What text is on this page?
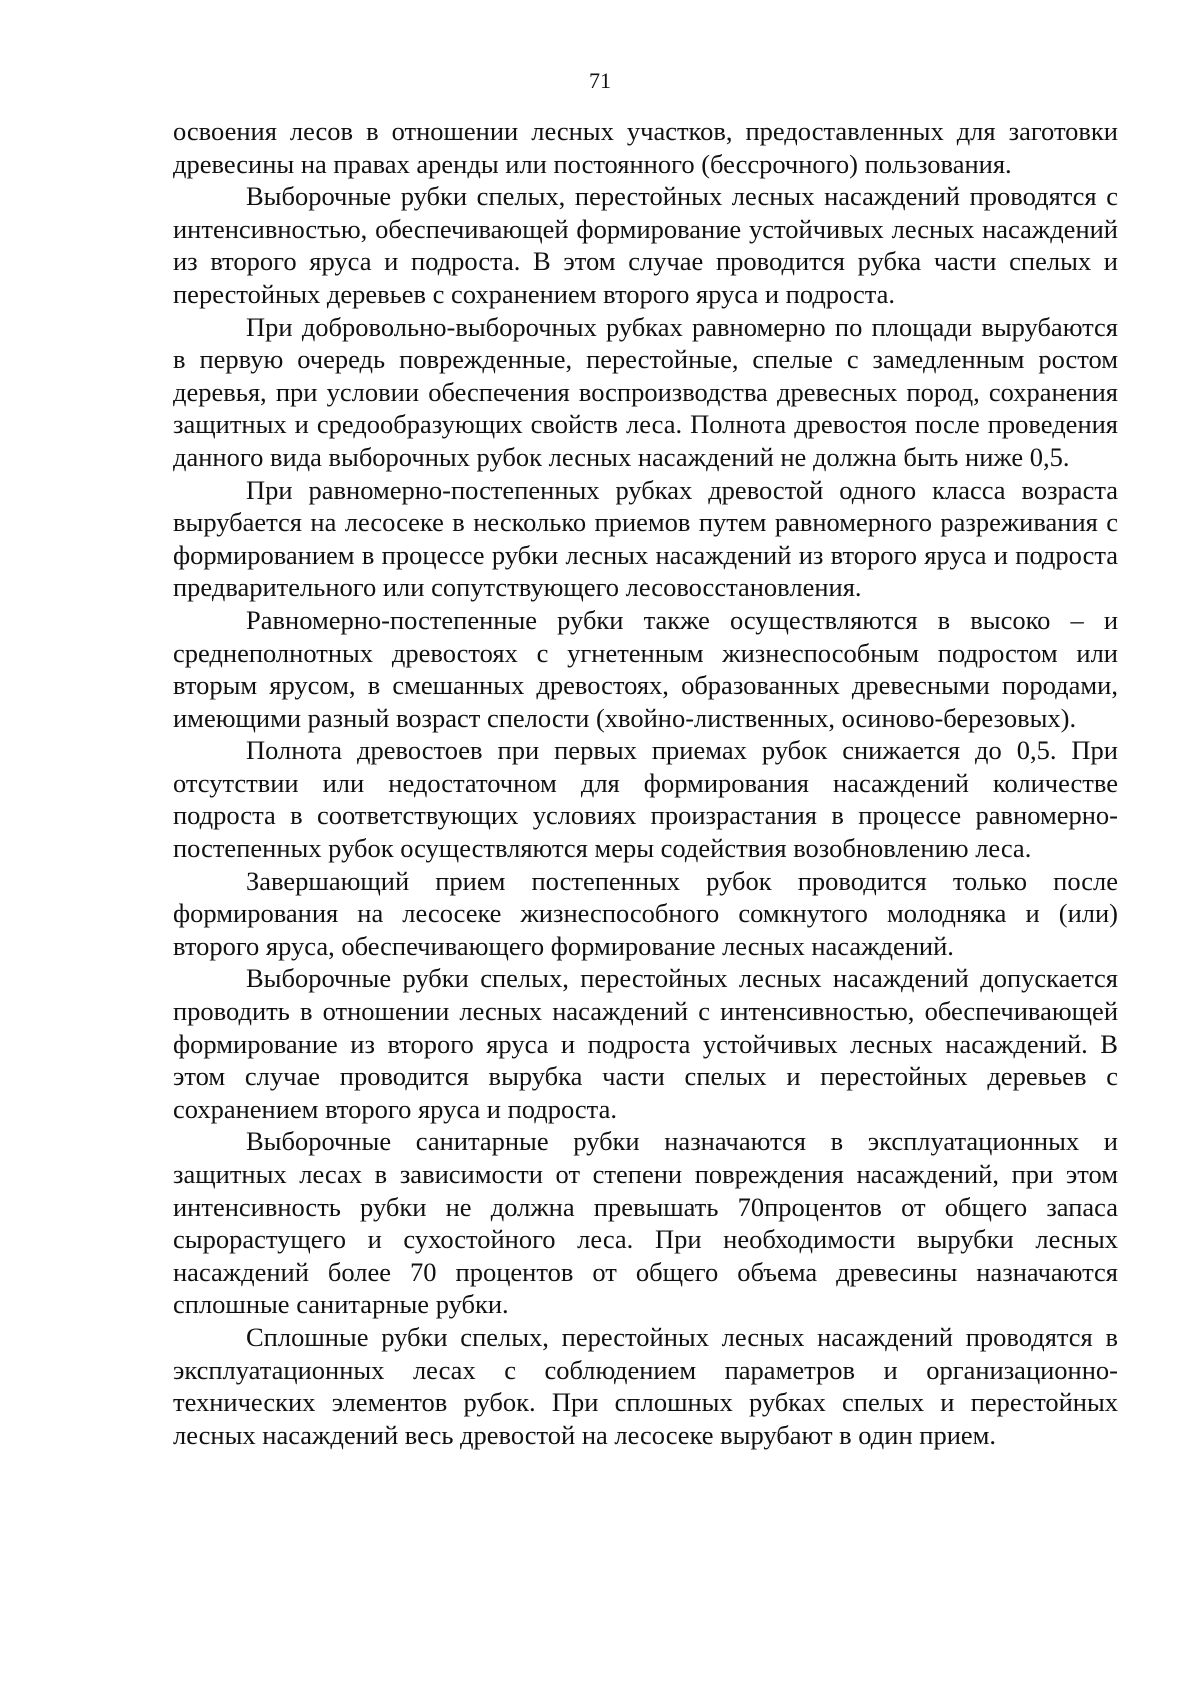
71

освоения лесов в отношении лесных участков, предоставленных для заготовки древесины на правах аренды или постоянного (бессрочного) пользования.

Выборочные рубки спелых, перестойных лесных насаждений проводятся с интенсивностью, обеспечивающей формирование устойчивых лесных насаждений из второго яруса и подроста. В этом случае проводится рубка части спелых и перестойных деревьев с сохранением второго яруса и подроста.

При добровольно-выборочных рубках равномерно по площади вырубаются в первую очередь поврежденные, перестойные, спелые с замедленным ростом деревья, при условии обеспечения воспроизводства древесных пород, сохранения защитных и средообразующих свойств леса. Полнота древостоя после проведения данного вида выборочных рубок лесных насаждений не должна быть ниже 0,5.

При равномерно-постепенных рубках древостой одного класса возраста вырубается на лесосеке в несколько приемов путем равномерного разреживания с формированием в процессе рубки лесных насаждений из второго яруса и подроста предварительного или сопутствующего лесовосстановления.

Равномерно-постепенные рубки также осуществляются в высоко – и среднеполнотных древостоях с угнетенным жизнеспособным подростом или вторым ярусом, в смешанных древостоях, образованных древесными породами, имеющими разный возраст спелости (хвойно-лиственных, осиново-березовых).

Полнота древостоев при первых приемах рубок снижается до 0,5. При отсутствии или недостаточном для формирования насаждений количестве подроста в соответствующих условиях произрастания в процессе равномерно-постепенных рубок осуществляются меры содействия возобновлению леса.

Завершающий прием постепенных рубок проводится только после формирования на лесосеке жизнеспособного сомкнутого молодняка и (или) второго яруса, обеспечивающего формирование лесных насаждений.

Выборочные рубки спелых, перестойных лесных насаждений допускается проводить в отношении лесных насаждений с интенсивностью, обеспечивающей формирование из второго яруса и подроста устойчивых лесных насаждений. В этом случае проводится вырубка части спелых и перестойных деревьев с сохранением второго яруса и подроста.

Выборочные санитарные рубки назначаются в эксплуатационных и защитных лесах в зависимости от степени повреждения насаждений, при этом интенсивность рубки не должна превышать 70процентов от общего запаса сырорастущего и сухостойного леса. При необходимости вырубки лесных насаждений более 70 процентов от общего объема древесины назначаются сплошные санитарные рубки.

Сплошные рубки спелых, перестойных лесных насаждений проводятся в эксплуатационных лесах с соблюдением параметров и организационно-технических элементов рубок. При сплошных рубках спелых и перестойных лесных насаждений весь древостой на лесосеке вырубают в один прием.
